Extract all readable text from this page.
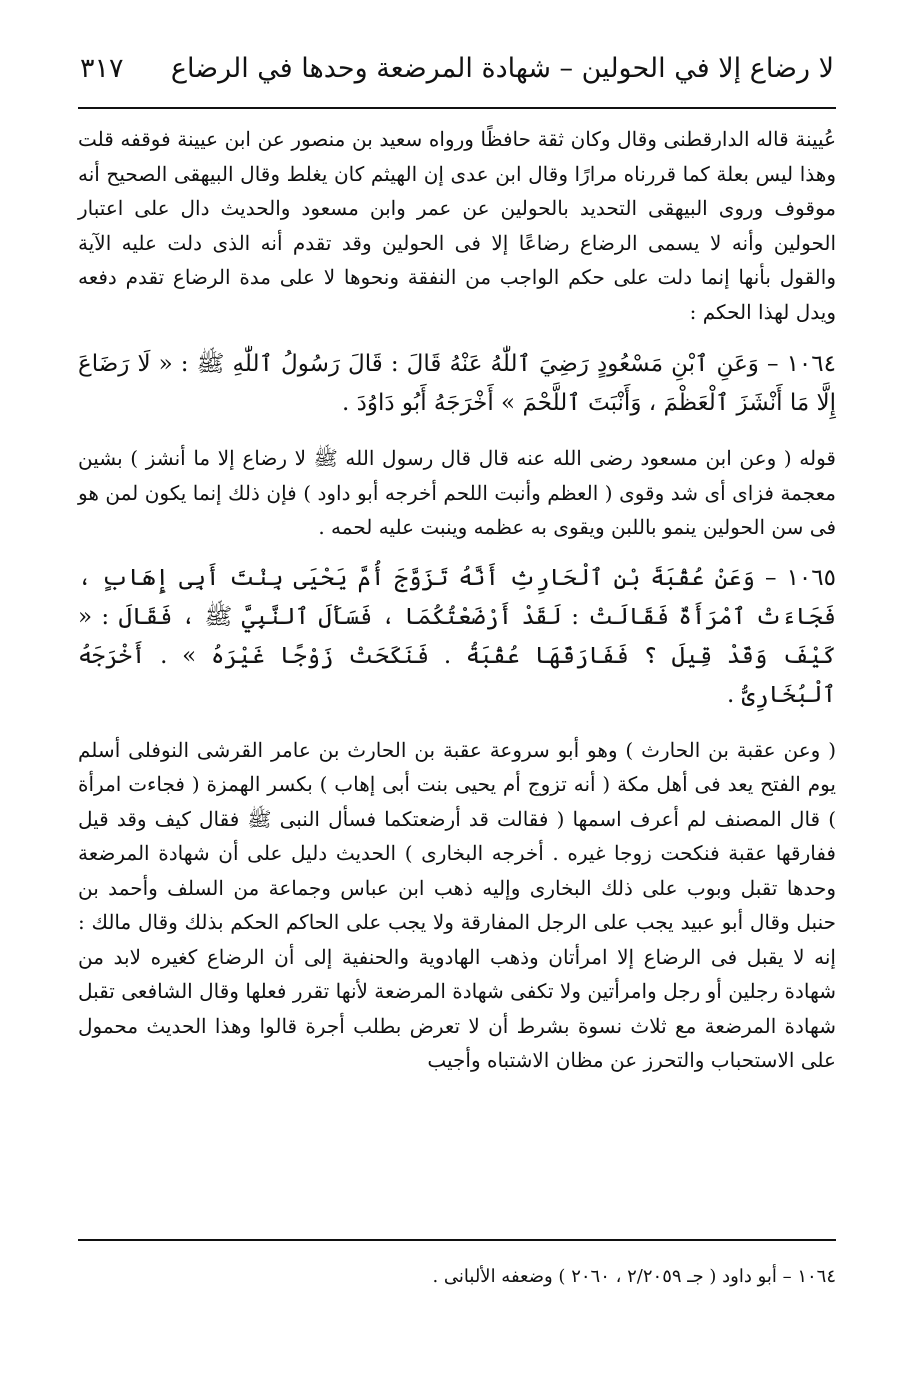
لا رضاع إلا في الحولين – شهادة المرضعة وحدها في الرضاع
٣١٧

عُيينة قاله الدارقطنى وقال وكان ثقة حافظًا ورواه سعيد بن منصور عن ابن عيينة فوقفه قلت وهذا ليس بعلة كما قررناه مرارًا وقال ابن عدى إن الهيثم كان يغلط وقال البيهقى الصحيح أنه موقوف وروى البيهقى التحديد بالحولين عن عمر وابن مسعود والحديث دال على اعتبار الحولين وأنه لا يسمى الرضاع رضاعًا إلا فى الحولين وقد تقدم أنه الذى دلت عليه الآية والقول بأنها إنما دلت على حكم الواجب من النفقة ونحوها لا على مدة الرضاع تقدم دفعه ويدل لهذا الحكم :

١٠٦٤ – وَعَنِ ٱبْنِ مَسْعُودٍ رَضِيَ ٱللّٰهُ عَنْهُ قَالَ : قَالَ رَسُولُ ٱللّٰهِ ﷺ : « لَا رَضَاعَ إِلَّا مَا أَنْشَزَ ٱلْعَظْمَ ، وَأَنْبَتَ ٱللَّحْمَ » أَخْرَجَهُ أَبُو دَاوُدَ .

قوله ( وعن ابن مسعود رضى الله عنه قال قال رسول الله ﷺ لا رضاع إلا ما أنشز ) بشين معجمة فزاى أى شد وقوى ( العظم وأنبت اللحم أخرجه أبو داود ) فإن ذلك إنما يكون لمن هو فى سن الحولين ينمو باللبن ويقوى به عظمه وينبت عليه لحمه .

١٠٦٥ – وَعَنْ عُقْبَةَ بْنِ ٱلْحَارِثِ أَنَّهُ تَزَوَّجَ أُمَّ يَحْيَى بِنْتَ أَبِى إِهَابٍ ، فَجَاءَتْ ٱمْرَأَةٌ فَقَالَتْ : لَقَدْ أَرْضَعْتُكُمَا ، فَسَأَلَ ٱلنَّبِيَّ ﷺ ، فَقَالَ : « كَيْفَ وَقَدْ قِيلَ ؟ فَفَارَقَهَا عُقْبَةُ . فَنَكَحَتْ زَوْجًا غَيْرَهُ » . أَخْرَجَهُ ٱلْبُخَارِىُّ .

( وعن عقبة بن الحارث ) وهو أبو سروعة عقبة بن الحارث بن عامر القرشى النوفلى أسلم يوم الفتح يعد فى أهل مكة ( أنه تزوج أم يحيى بنت أبى إهاب ) بكسر الهمزة ( فجاءت امرأة ) قال المصنف لم أعرف اسمها ( فقالت قد أرضعتكما فسأل النبى ﷺ فقال كيف وقد قيل ففارقها عقبة فنكحت زوجا غيره . أخرجه البخارى ) الحديث دليل على أن شهادة المرضعة وحدها تقبل وبوب على ذلك البخارى وإليه ذهب ابن عباس وجماعة من السلف وأحمد بن حنبل وقال أبو عبيد يجب على الرجل المفارقة ولا يجب على الحاكم الحكم بذلك وقال مالك : إنه لا يقبل فى الرضاع إلا امرأتان وذهب الهادوية والحنفية إلى أن الرضاع كغيره لابد من شهادة رجلين أو رجل وامرأتين ولا تكفى شهادة المرضعة لأنها تقرر فعلها وقال الشافعى تقبل شهادة المرضعة مع ثلاث نسوة بشرط أن لا تعرض بطلب أجرة قالوا وهذا الحديث محمول على الاستحباب والتحرز عن مظان الاشتباه وأجيب

١٠٦٤ – أبو داود ( جـ ٢/٢٠٥٩ ، ٢٠٦٠ ) وضعفه الألبانى .
